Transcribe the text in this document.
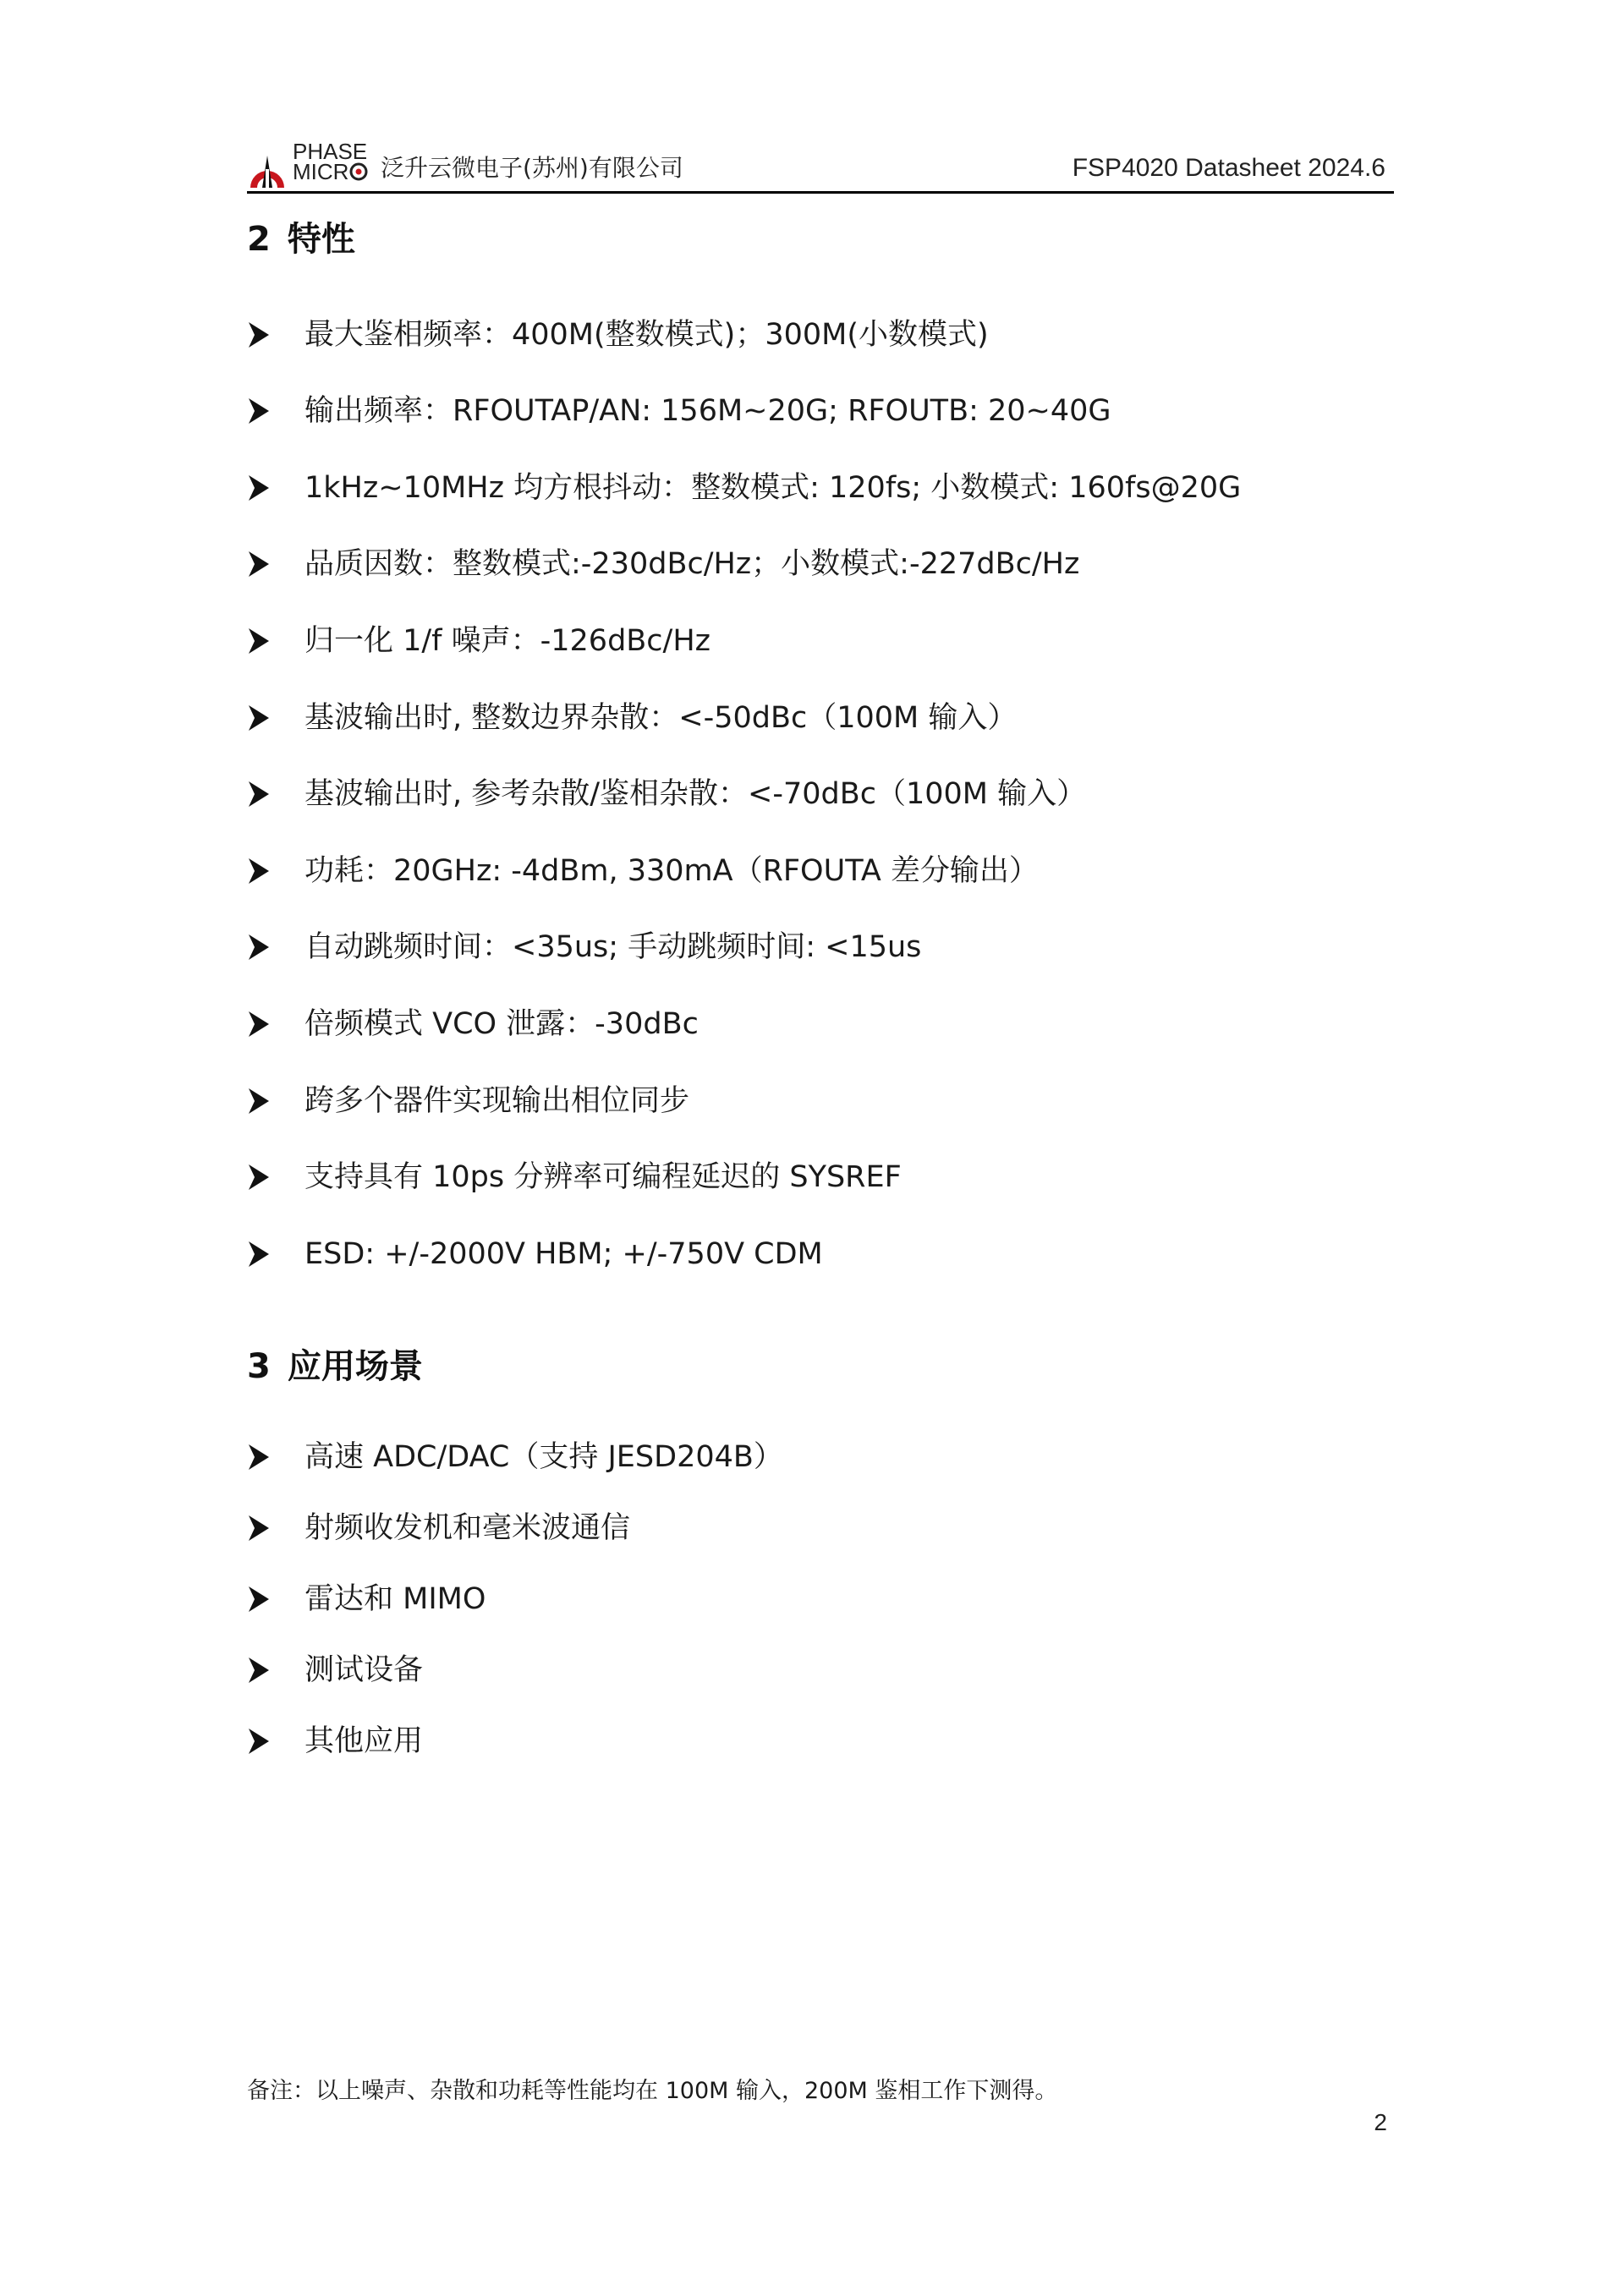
PHASE
MICR	泛升云微电子(苏州)有限公司	FSP4020 Datasheet 2024.6
2 特性
最大鉴相频率：400M(整数模式)；300M(小数模式)
输出频率：RFOUTAP/AN: 156M~20G; RFOUTB: 20~40G
1kHz~10MHz 均方根抖动：整数模式: 120fs; 小数模式: 160fs@20G
品质因数：整数模式:-230dBc/Hz；小数模式:-227dBc/Hz
归一化 1/f 噪声：-126dBc/Hz
基波输出时, 整数边界杂散：<-50dBc（100M 输入）
基波输出时, 参考杂散/鉴相杂散：<-70dBc（100M 输入）
功耗：20GHz: -4dBm, 330mA（RFOUTA 差分输出）
自动跳频时间：<35us; 手动跳频时间: <15us
倍频模式 VCO 泄露：-30dBc
跨多个器件实现输出相位同步
支持具有 10ps 分辨率可编程延迟的 SYSREF
ESD: +/-2000V HBM; +/-750V CDM
3 应用场景
高速 ADC/DAC（支持 JESD204B）
射频收发机和毫米波通信
雷达和 MIMO
测试设备
其他应用
备注：以上噪声、杂散和功耗等性能均在 100M 输入，200M 鉴相工作下测得。
2
